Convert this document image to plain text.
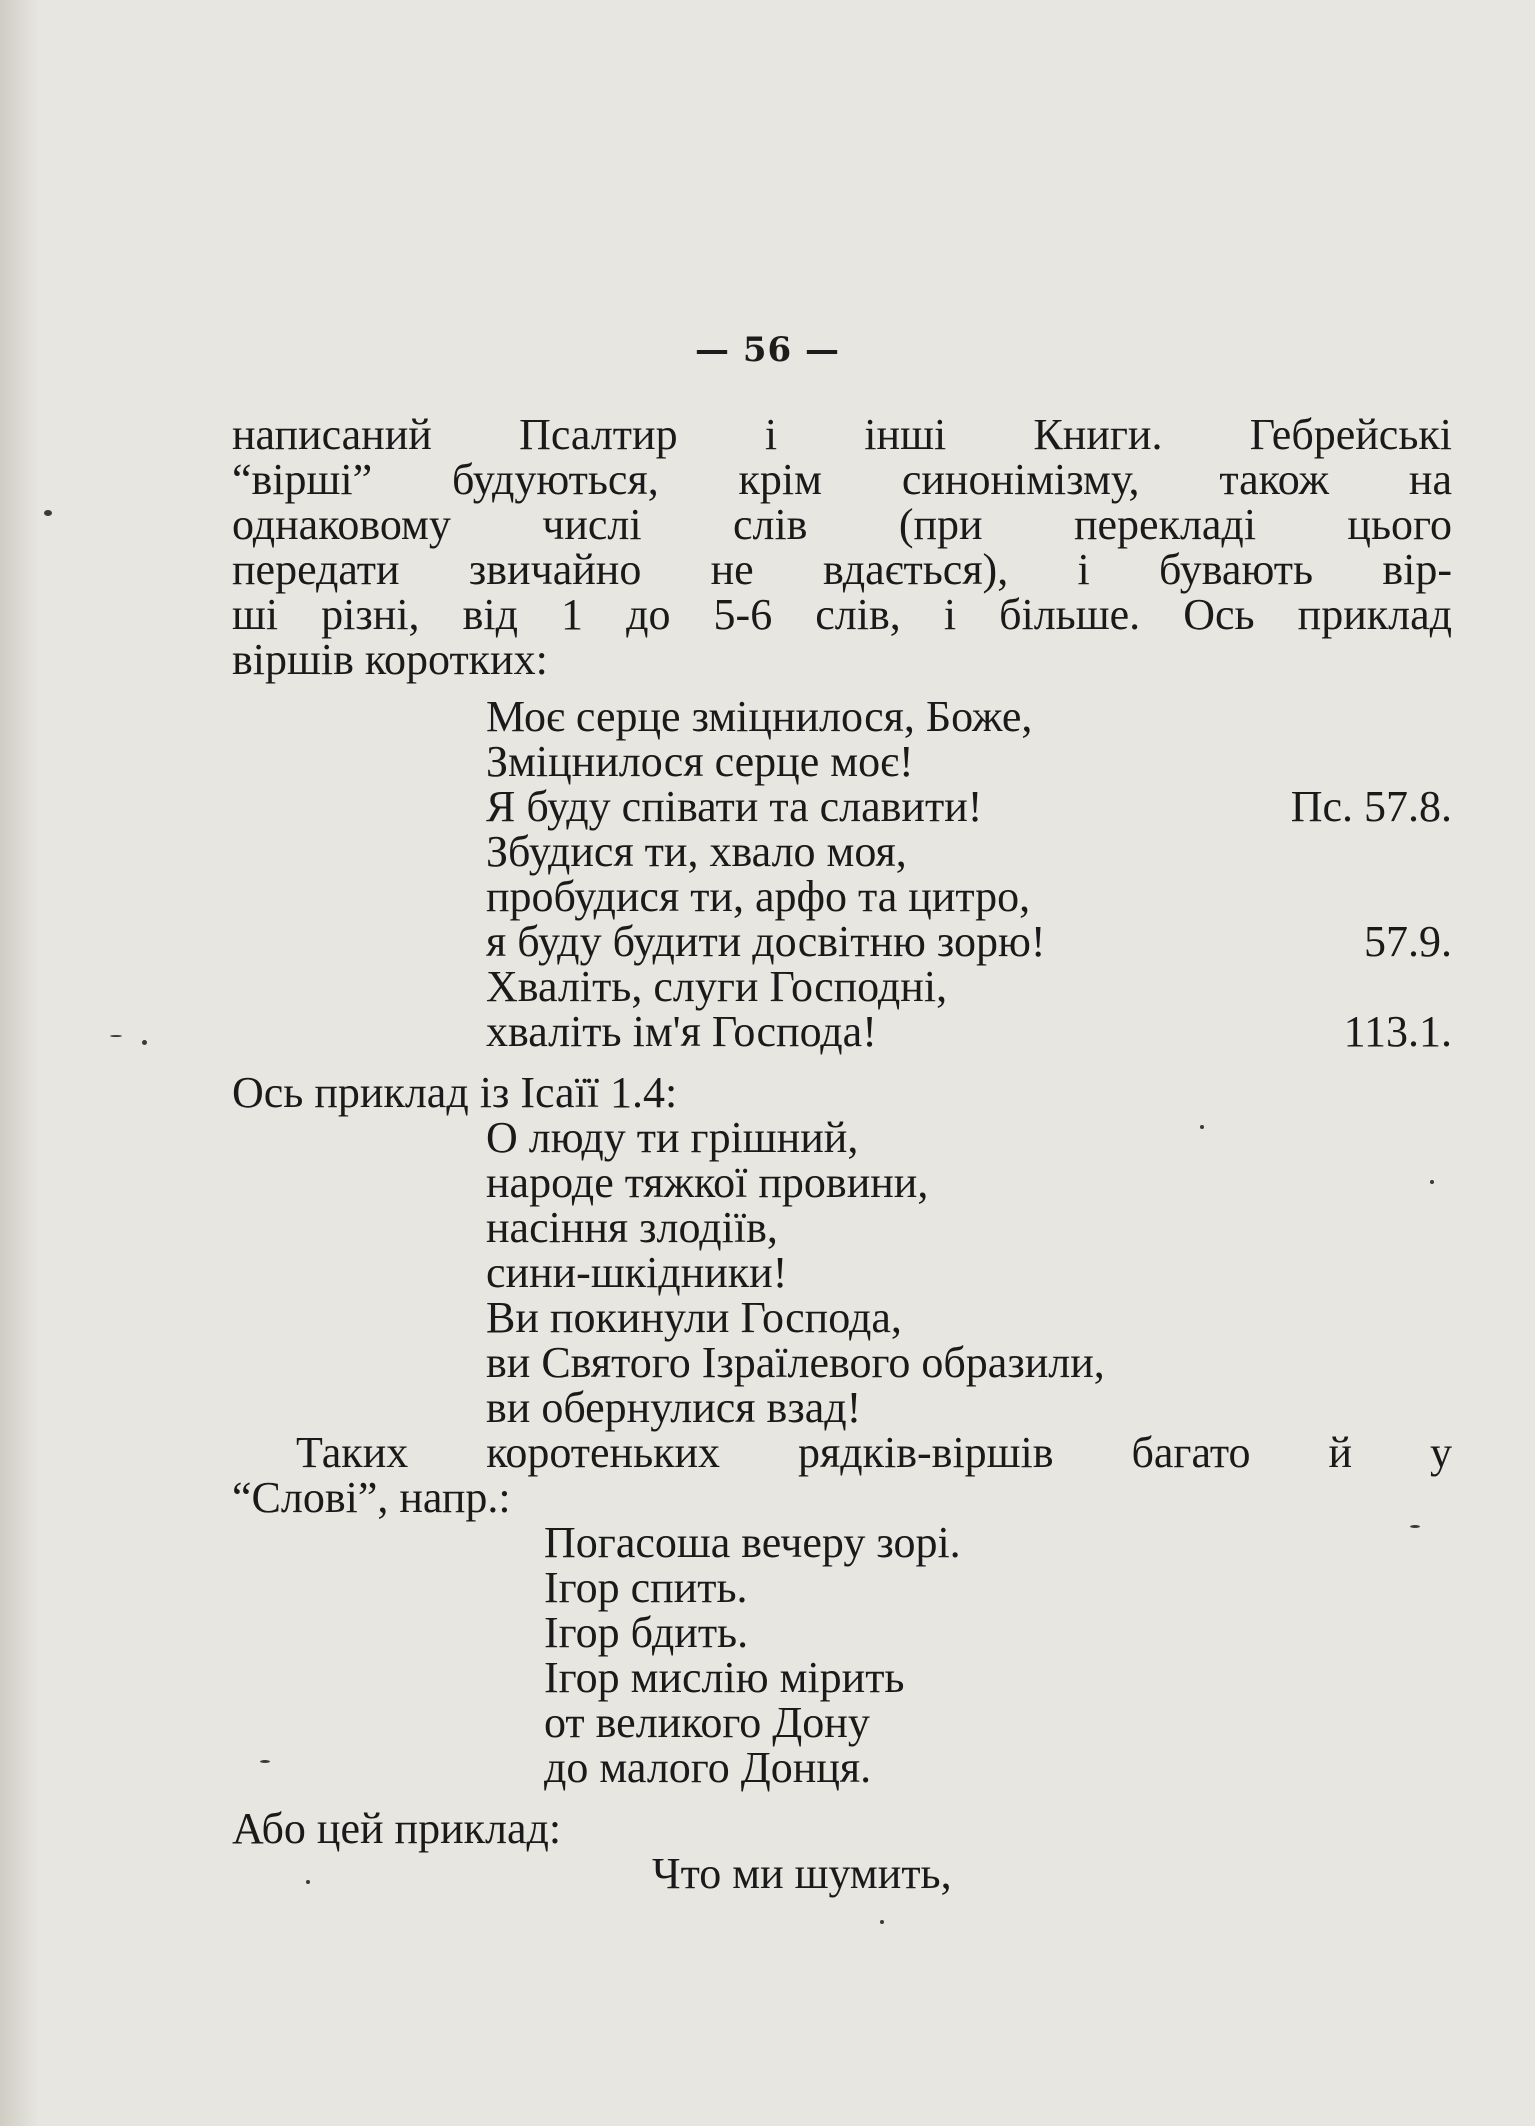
— 56 —
написаний Псалтир і інші Книги. Гебрейські
“вірші” будуються, крім синонімізму, також на
однаковому числі слів (при перекладі цього
передати звичайно не вдається), і бувають вір-
ші різні, від 1 до 5-6 слів, і більше. Ось приклад
віршів коротких:
Моє серце зміцнилося, Боже,
Зміцнилося серце моє!
Я буду співати та славити!	Пс. 57.8.
Збудися ти, хвало моя,
пробудися ти, арфо та цитро,
я буду будити досвітню зорю!	57.9.
Хваліть, слуги Господні,
хваліть ім'я Господа!	113.1.
Ось приклад із Ісаїї 1.4:
О люду ти грішний,
народе тяжкої провини,
насіння злодіїв,
сини-шкідники!
Ви покинули Господа,
ви Святого Ізраїлевого образили,
ви обернулися взад!
Таких коротеньких рядків-віршів багато й у
“Слові”, напр.:
Погасоша вечеру зорі.
Ігор спить.
Ігор бдить.
Ігор мислію мірить
от великого Дону
до малого Донця.
Або цей приклад:
Что ми шумить,
